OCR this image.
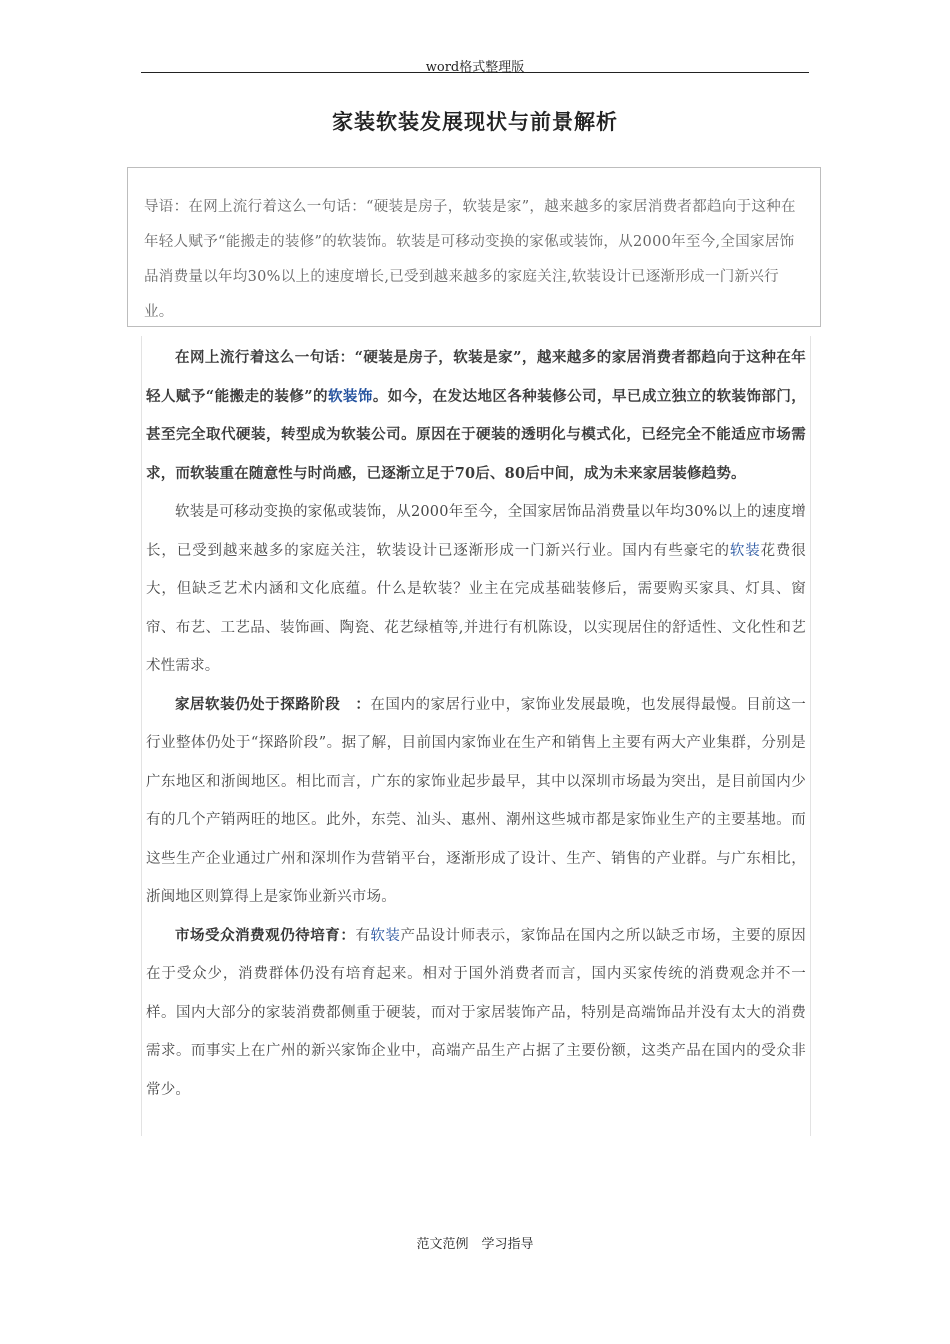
word格式整理版
家装软装发展现状与前景解析
导语：在网上流行着这么一句话：“硬装是房子，软装是家”，越来越多的家居消费者都趋向于这种在年轻人赋予“能搬走的装修”的软装饰。软装是可移动变换的家俬或装饰，从2000年至今,全国家居饰品消费量以年均30%以上的速度增长,已受到越来越多的家庭关注,软装设计已逐渐形成一门新兴行业。

在网上流行着这么一句话：“硬装是房子，软装是家”，越来越多的家居消费者都趋向于这种在年轻人赋予“能搬走的装修”的软装饰。如今，在发达地区各种装修公司，早已成立独立的软装饰部门，甚至完全取代硬装，转型成为软装公司。原因在于硬装的透明化与模式化，已经完全不能适应市场需求，而软装重在随意性与时尚感，已逐渐立足于70后、80后中间，成为未来家居装修趋势。

软装是可移动变换的家俬或装饰，从2000年至今，全国家居饰品消费量以年均30%以上的速度增长，已受到越来越多的家庭关注，软装设计已逐渐形成一门新兴行业。国内有些豪宅的软装花费很大，但缺乏艺术内涵和文化底蕴。什么是软装？业主在完成基础装修后，需要购买家具、灯具、窗帘、布艺、工艺品、装饰画、陶瓷、花艺绿植等,并进行有机陈设，以实现居住的舒适性、文化性和艺术性需求。

家居软装仍处于探路阶段　：在国内的家居行业中，家饰业发展最晚，也发展得最慢。目前这一行业整体仍处于“探路阶段”。据了解，目前国内家饰业在生产和销售上主要有两大产业集群，分别是广东地区和浙闽地区。相比而言，广东的家饰业起步最早，其中以深圳市场最为突出，是目前国内少有的几个产销两旺的地区。此外，东莞、汕头、惠州、潮州这些城市都是家饰业生产的主要基地。而这些生产企业通过广州和深圳作为营销平台，逐渐形成了设计、生产、销售的产业群。与广东相比，浙闽地区则算得上是家饰业新兴市场。

市场受众消费观仍待培育：有软装产品设计师表示，家饰品在国内之所以缺乏市场，主要的原因在于受众少，消费群体仍没有培育起来。相对于国外消费者而言，国内买家传统的消费观念并不一样。国内大部分的家装消费都侧重于硬装，而对于家居装饰产品，特别是高端饰品并没有太大的消费需求。而事实上在广州的新兴家饰企业中，高端产品生产占据了主要份额，这类产品在国内的受众非常少。

范文范例　学习指导
